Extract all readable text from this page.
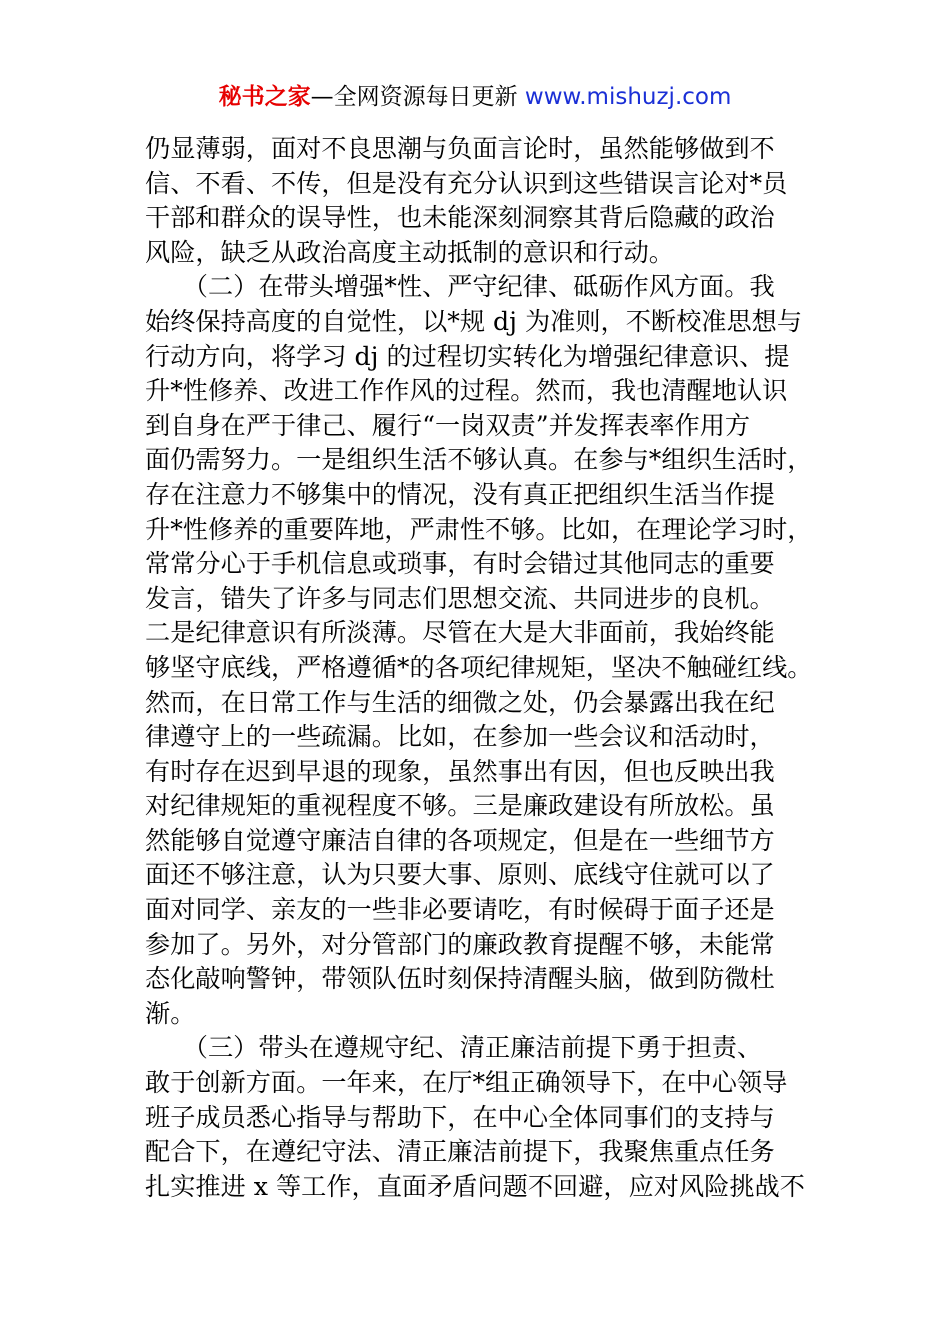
秘书之家—全网资源每日更新 www.mishuzj.com
仍显薄弱，面对不良思潮与负面言论时，虽然能够做到不
信、不看、不传，但是没有充分认识到这些错误言论对*员
干部和群众的误导性，也未能深刻洞察其背后隐藏的政治
风险，缺乏从政治高度主动抵制的意识和行动。
　　（二）在带头增强*性、严守纪律、砥砺作风方面。我
始终保持高度的自觉性，以*规 dj 为准则，不断校准思想与
行动方向，将学习 dj 的过程切实转化为增强纪律意识、提
升*性修养、改进工作作风的过程。然而，我也清醒地认识
到自身在严于律己、履行“一岗双责”并发挥表率作用方
面仍需努力。一是组织生活不够认真。在参与*组织生活时，
存在注意力不够集中的情况，没有真正把组织生活当作提
升*性修养的重要阵地，严肃性不够。比如，在理论学习时，
常常分心于手机信息或琐事，有时会错过其他同志的重要
发言，错失了许多与同志们思想交流、共同进步的良机。
二是纪律意识有所淡薄。尽管在大是大非面前，我始终能
够坚守底线，严格遵循*的各项纪律规矩，坚决不触碰红线。
然而，在日常工作与生活的细微之处，仍会暴露出我在纪
律遵守上的一些疏漏。比如，在参加一些会议和活动时，
有时存在迟到早退的现象，虽然事出有因，但也反映出我
对纪律规矩的重视程度不够。三是廉政建设有所放松。虽
然能够自觉遵守廉洁自律的各项规定，但是在一些细节方
面还不够注意，认为只要大事、原则、底线守住就可以了
面对同学、亲友的一些非必要请吃，有时候碍于面子还是
参加了。另外，对分管部门的廉政教育提醒不够，未能常
态化敲响警钟，带领队伍时刻保持清醒头脑，做到防微杜
渐。
　　（三）带头在遵规守纪、清正廉洁前提下勇于担责、
敢于创新方面。一年来，在厅*组正确领导下，在中心领导
班子成员悉心指导与帮助下，在中心全体同事们的支持与
配合下，在遵纪守法、清正廉洁前提下，我聚焦重点任务
扎实推进 x 等工作，直面矛盾问题不回避，应对风险挑战不
